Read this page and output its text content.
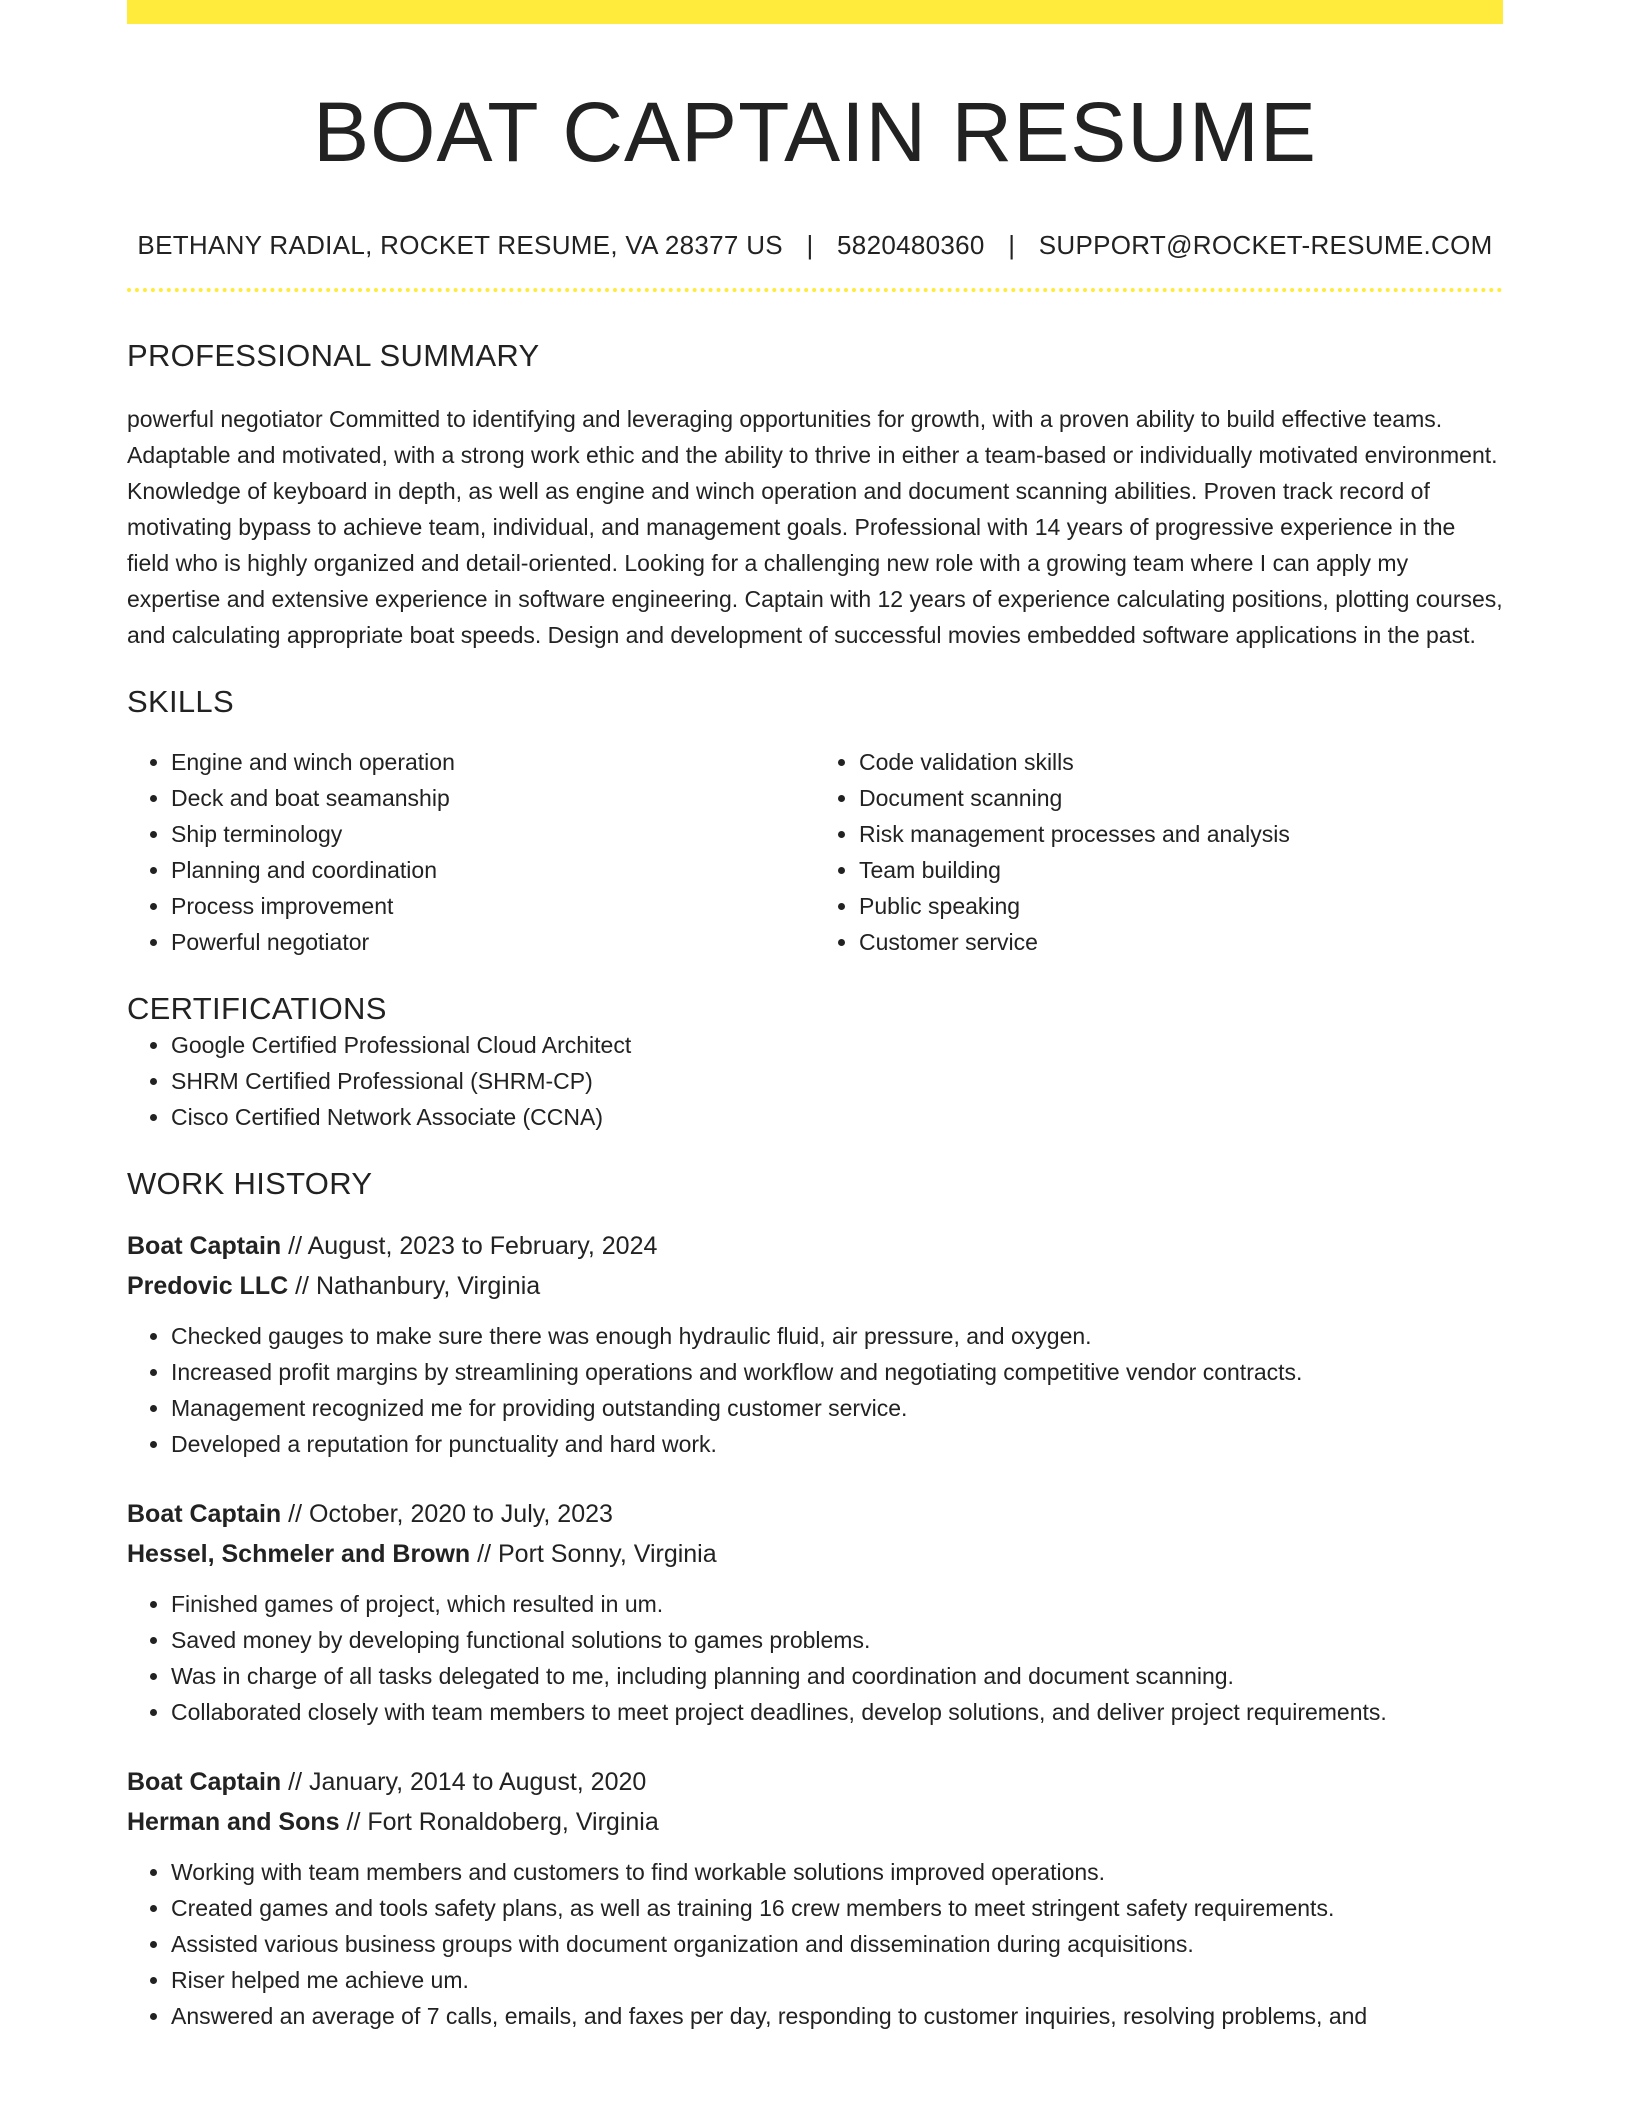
BOAT CAPTAIN RESUME
BETHANY RADIAL, ROCKET RESUME, VA 28377 US | 5820480360 | SUPPORT@ROCKET-RESUME.COM
PROFESSIONAL SUMMARY
powerful negotiator Committed to identifying and leveraging opportunities for growth, with a proven ability to build effective teams. Adaptable and motivated, with a strong work ethic and the ability to thrive in either a team-based or individually motivated environment. Knowledge of keyboard in depth, as well as engine and winch operation and document scanning abilities. Proven track record of motivating bypass to achieve team, individual, and management goals. Professional with 14 years of progressive experience in the field who is highly organized and detail-oriented. Looking for a challenging new role with a growing team where I can apply my expertise and extensive experience in software engineering. Captain with 12 years of experience calculating positions, plotting courses, and calculating appropriate boat speeds. Design and development of successful movies embedded software applications in the past.
SKILLS
• Engine and winch operation
• Deck and boat seamanship
• Ship terminology
• Planning and coordination
• Process improvement
• Powerful negotiator
• Code validation skills
• Document scanning
• Risk management processes and analysis
• Team building
• Public speaking
• Customer service
CERTIFICATIONS
• Google Certified Professional Cloud Architect
• SHRM Certified Professional (SHRM-CP)
• Cisco Certified Network Associate (CCNA)
WORK HISTORY
Boat Captain // August, 2023 to February, 2024
Predovic LLC // Nathanbury, Virginia
• Checked gauges to make sure there was enough hydraulic fluid, air pressure, and oxygen.
• Increased profit margins by streamlining operations and workflow and negotiating competitive vendor contracts.
• Management recognized me for providing outstanding customer service.
• Developed a reputation for punctuality and hard work.
Boat Captain // October, 2020 to July, 2023
Hessel, Schmeler and Brown // Port Sonny, Virginia
• Finished games of project, which resulted in um.
• Saved money by developing functional solutions to games problems.
• Was in charge of all tasks delegated to me, including planning and coordination and document scanning.
• Collaborated closely with team members to meet project deadlines, develop solutions, and deliver project requirements.
Boat Captain // January, 2014 to August, 2020
Herman and Sons // Fort Ronaldoberg, Virginia
• Working with team members and customers to find workable solutions improved operations.
• Created games and tools safety plans, as well as training 16 crew members to meet stringent safety requirements.
• Assisted various business groups with document organization and dissemination during acquisitions.
• Riser helped me achieve um.
• Answered an average of 7 calls, emails, and faxes per day, responding to customer inquiries, resolving problems, and
